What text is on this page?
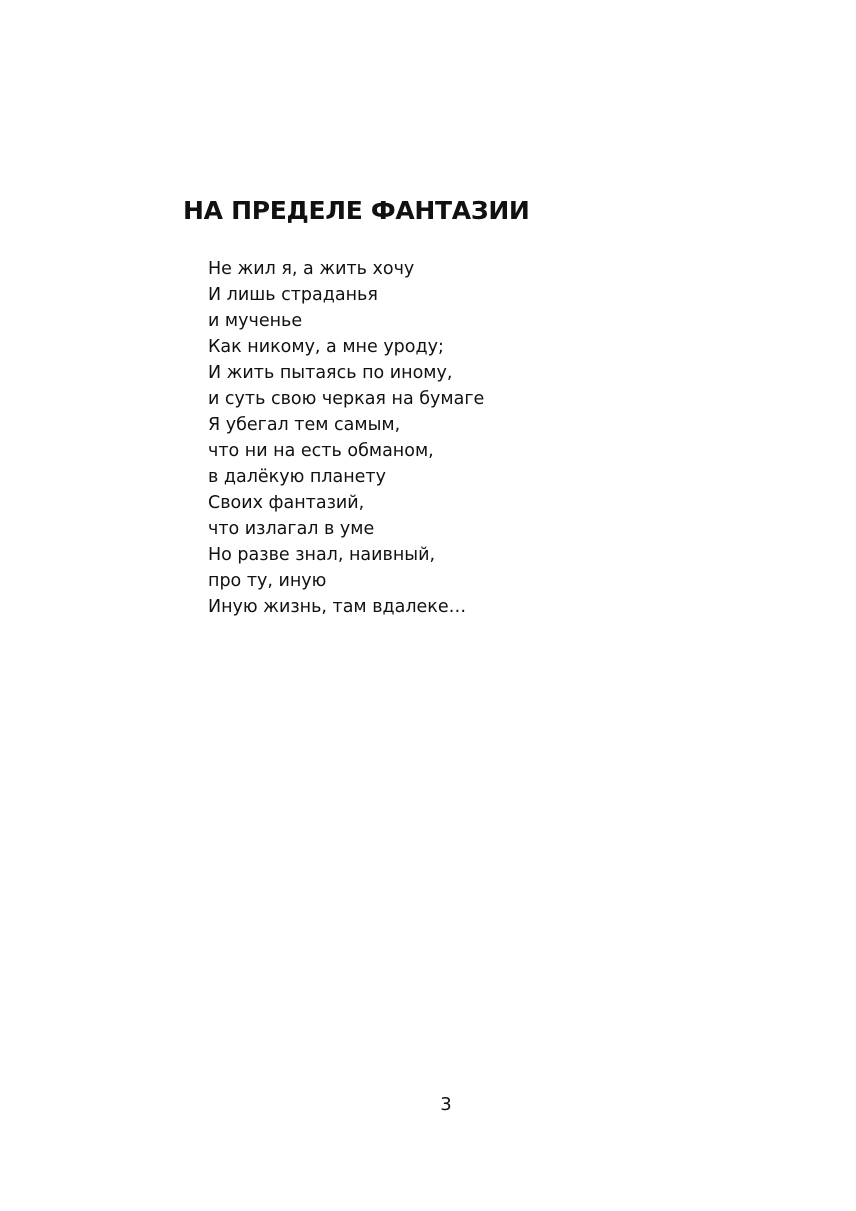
НА ПРЕДЕЛЕ ФАНТАЗИИ
Не жил я, а жить хочу
И лишь страданья
и мученье
Как никому, а мне уроду;
И жить пытаясь по иному,
и суть свою черкая на бумаге
Я убегал тем самым,
что ни на есть обманом,
в далёкую планету
Своих фантазий,
что излагал в уме
Но разве знал, наивный,
про ту, иную
Иную жизнь, там вдалеке…
3
